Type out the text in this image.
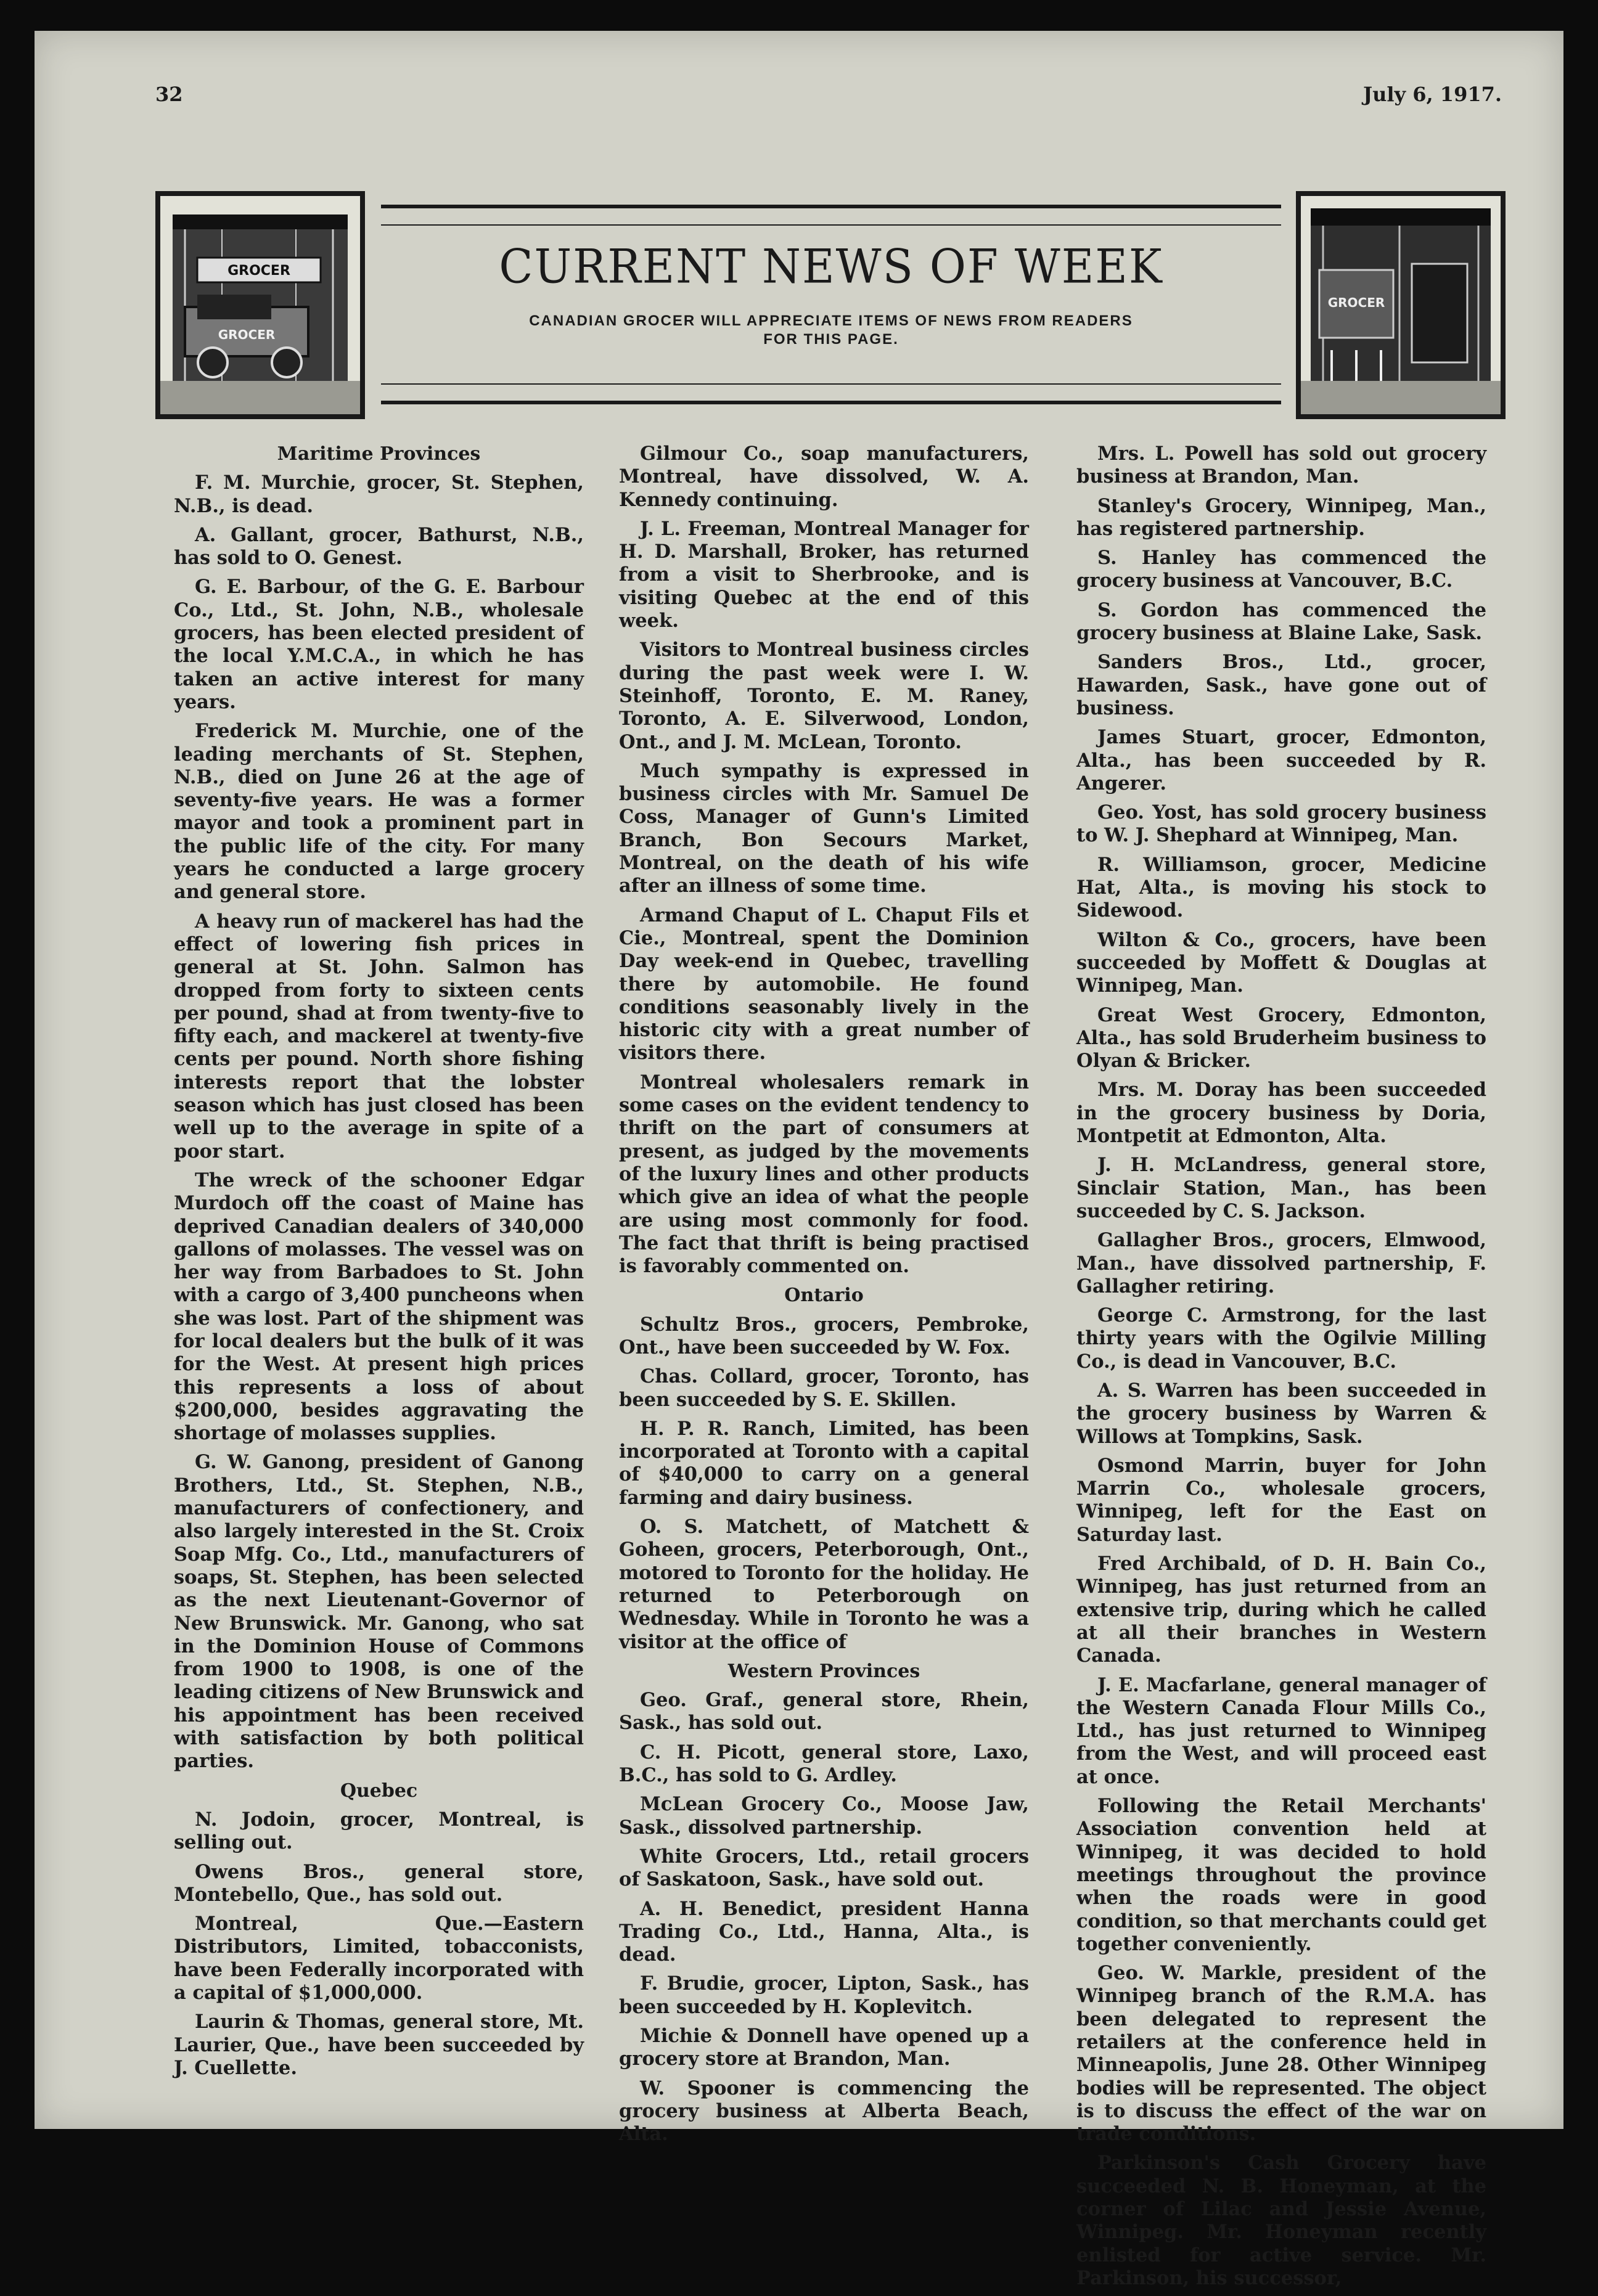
32	July 6, 1917.
GROCER
GROCER
CURRENT NEWS OF WEEK
CANADIAN GROCER WILL APPRECIATE ITEMS OF NEWS FROM READERS
FOR THIS PAGE.
GROCER
Maritime Provinces

F. M. Murchie, grocer, St. Stephen, N.B., is dead.

A. Gallant, grocer, Bathurst, N.B., has sold to O. Genest.

G. E. Barbour, of the G. E. Barbour Co., Ltd., St. John, N.B., wholesale grocers, has been elected president of the local Y.M.C.A., in which he has taken an active interest for many years.

Frederick M. Murchie, one of the leading merchants of St. Stephen, N.B., died on June 26 at the age of seventy-five years. He was a former mayor and took a prominent part in the public life of the city. For many years he conducted a large grocery and general store.

A heavy run of mackerel has had the effect of lowering fish prices in general at St. John. Salmon has dropped from forty to sixteen cents per pound, shad at from twenty-five to fifty each, and mackerel at twenty-five cents per pound. North shore fishing interests report that the lobster season which has just closed has been well up to the average in spite of a poor start.

The wreck of the schooner Edgar Murdoch off the coast of Maine has deprived Canadian dealers of 340,000 gallons of molasses. The vessel was on her way from Barbadoes to St. John with a cargo of 3,400 puncheons when she was lost. Part of the shipment was for local dealers but the bulk of it was for the West. At present high prices this represents a loss of about $200,000, besides aggravating the shortage of molasses supplies.

G. W. Ganong, president of Ganong Brothers, Ltd., St. Stephen, N.B., manufacturers of confectionery, and also largely interested in the St. Croix Soap Mfg. Co., Ltd., manufacturers of soaps, St. Stephen, has been selected as the next Lieutenant-Governor of New Brunswick. Mr. Ganong, who sat in the Dominion House of Commons from 1900 to 1908, is one of the leading citizens of New Brunswick and his appointment has been received with satisfaction by both political parties.

Quebec

N. Jodoin, grocer, Montreal, is selling out.

Owens Bros., general store, Montebello, Que., has sold out.

Montreal, Que.—Eastern Distributors, Limited, tobacconists, have been Federally incorporated with a capital of $1,000,000.

Laurin & Thomas, general store, Mt. Laurier, Que., have been succeeded by J. Cuellette.

Gilmour Co., soap manufacturers, Montreal, have dissolved, W. A. Kennedy continuing.

J. L. Freeman, Montreal Manager for H. D. Marshall, Broker, has returned from a visit to Sherbrooke, and is visiting Quebec at the end of this week.

Visitors to Montreal business circles during the past week were I. W. Steinhoff, Toronto, E. M. Raney, Toronto, A. E. Silverwood, London, Ont., and J. M. McLean, Toronto.

Much sympathy is expressed in business circles with Mr. Samuel De Coss, Manager of Gunn's Limited Branch, Bon Secours Market, Montreal, on the death of his wife after an illness of some time.

Armand Chaput of L. Chaput Fils et Cie., Montreal, spent the Dominion Day week-end in Quebec, travelling there by automobile. He found conditions seasonably lively in the historic city with a great number of visitors there.

Montreal wholesalers remark in some cases on the evident tendency to thrift on the part of consumers at present, as judged by the movements of the luxury lines and other products which give an idea of what the people are using most commonly for food. The fact that thrift is being practised is favorably commented on.

Ontario

Schultz Bros., grocers, Pembroke, Ont., have been succeeded by W. Fox.

Chas. Collard, grocer, Toronto, has been succeeded by S. E. Skillen.

H. P. R. Ranch, Limited, has been incorporated at Toronto with a capital of $40,000 to carry on a general farming and dairy business.

O. S. Matchett, of Matchett & Goheen, grocers, Peterborough, Ont., motored to Toronto for the holiday. He returned to Peterborough on Wednesday. While in Toronto he was a visitor at the office of

Western Provinces

Geo. Graf., general store, Rhein, Sask., has sold out.

C. H. Picott, general store, Laxo, B.C., has sold to G. Ardley.

McLean Grocery Co., Moose Jaw, Sask., dissolved partnership.

White Grocers, Ltd., retail grocers of Saskatoon, Sask., have sold out.

A. H. Benedict, president Hanna Trading Co., Ltd., Hanna, Alta., is dead.

F. Brudie, grocer, Lipton, Sask., has been succeeded by H. Koplevitch.

Michie & Donnell have opened up a grocery store at Brandon, Man.

W. Spooner is commencing the grocery business at Alberta Beach, Alta.

Mrs. L. Powell has sold out grocery business at Brandon, Man.

Stanley's Grocery, Winnipeg, Man., has registered partnership.

S. Hanley has commenced the grocery business at Vancouver, B.C.

S. Gordon has commenced the grocery business at Blaine Lake, Sask.

Sanders Bros., Ltd., grocer, Hawarden, Sask., have gone out of business.

James Stuart, grocer, Edmonton, Alta., has been succeeded by R. Angerer.

Geo. Yost, has sold grocery business to W. J. Shephard at Winnipeg, Man.

R. Williamson, grocer, Medicine Hat, Alta., is moving his stock to Sidewood.

Wilton & Co., grocers, have been succeeded by Moffett & Douglas at Winnipeg, Man.

Great West Grocery, Edmonton, Alta., has sold Bruderheim business to Olyan & Bricker.

Mrs. M. Doray has been succeeded in the grocery business by Doria, Montpetit at Edmonton, Alta.

J. H. McLandress, general store, Sinclair Station, Man., has been succeeded by C. S. Jackson.

Gallagher Bros., grocers, Elmwood, Man., have dissolved partnership, F. Gallagher retiring.

George C. Armstrong, for the last thirty years with the Ogilvie Milling Co., is dead in Vancouver, B.C.

A. S. Warren has been succeeded in the grocery business by Warren & Willows at Tompkins, Sask.

Osmond Marrin, buyer for John Marrin Co., wholesale grocers, Winnipeg, left for the East on Saturday last.

Fred Archibald, of D. H. Bain Co., Winnipeg, has just returned from an extensive trip, during which he called at all their branches in Western Canada.

J. E. Macfarlane, general manager of the Western Canada Flour Mills Co., Ltd., has just returned to Winnipeg from the West, and will proceed east at once.

Following the Retail Merchants' Association convention held at Winnipeg, it was decided to hold meetings throughout the province when the roads were in good condition, so that merchants could get together conveniently.

Geo. W. Markle, president of the Winnipeg branch of the R.M.A. has been delegated to represent the retailers at the conference held in Minneapolis, June 28. Other Winnipeg bodies will be represented. The object is to discuss the effect of the war on trade conditions.

Parkinson's Cash Grocery have succeeded N. B. Honeyman, at the corner of Lilac and Jessie Avenue, Winnipeg. Mr. Honeyman recently enlisted for active service. Mr. Parkinson, his successor,
